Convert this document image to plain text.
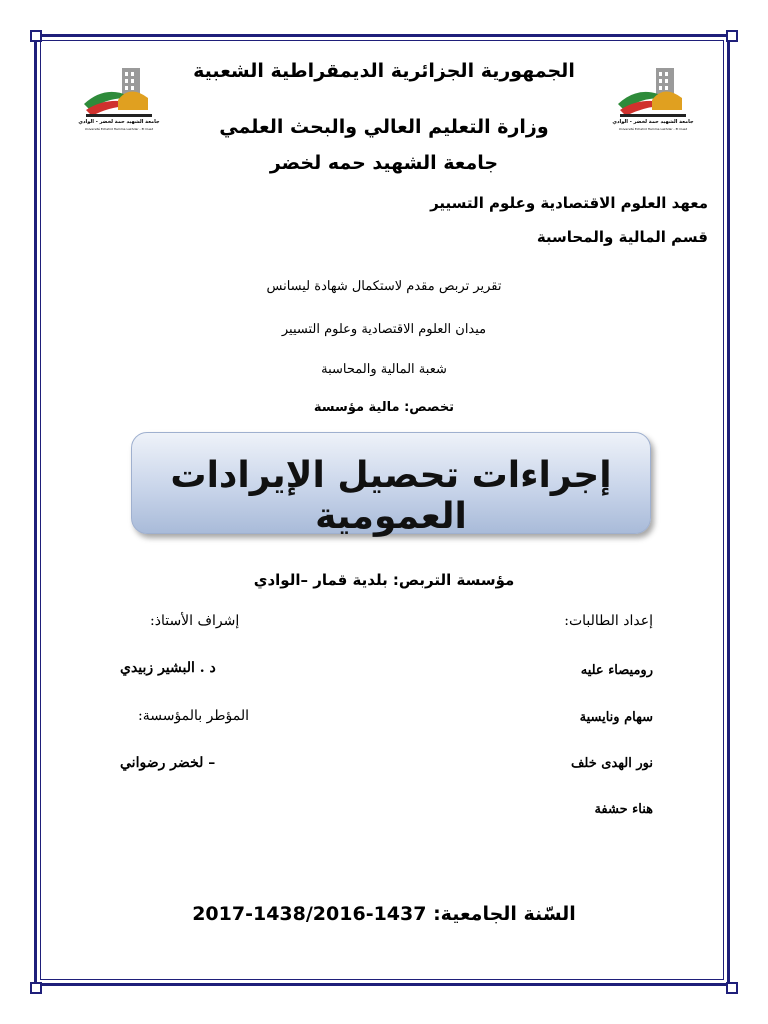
جامعة الشهيد حمة لخضر - الوادي
Université Echahid Hamma Lakhdar - El Oued
جامعة الشهيد حمة لخضر - الوادي
Université Echahid Hamma Lakhdar - El Oued
الجمهورية الجزائرية الديمقراطية الشعبية
وزارة التعليم العالي والبحث العلمي
جامعة الشهيد حمه لخضر
معهد العلوم الاقتصادية وعلوم التسيير
قسم المالية والمحاسبة
تقرير تربص مقدم لاستكمال شهادة ليسانس
ميدان العلوم الاقتصادية وعلوم التسيير
شعبة المالية والمحاسبة
تخصص: مالية مؤسسة
إجراءات تحصيل الإيرادات العمومية
مؤسسة التربص: بلدية قمار –الوادي
إعداد الطالبات:
روميصاء عليه
سهام ونايسية
نور الهدى خلف
هناء حشفة
إشراف الأستاذ:
د . البشير زبيدي
المؤطر بالمؤسسة:
– لخضر رضواني
السّنة الجامعية: 1437-1438/2016-2017
